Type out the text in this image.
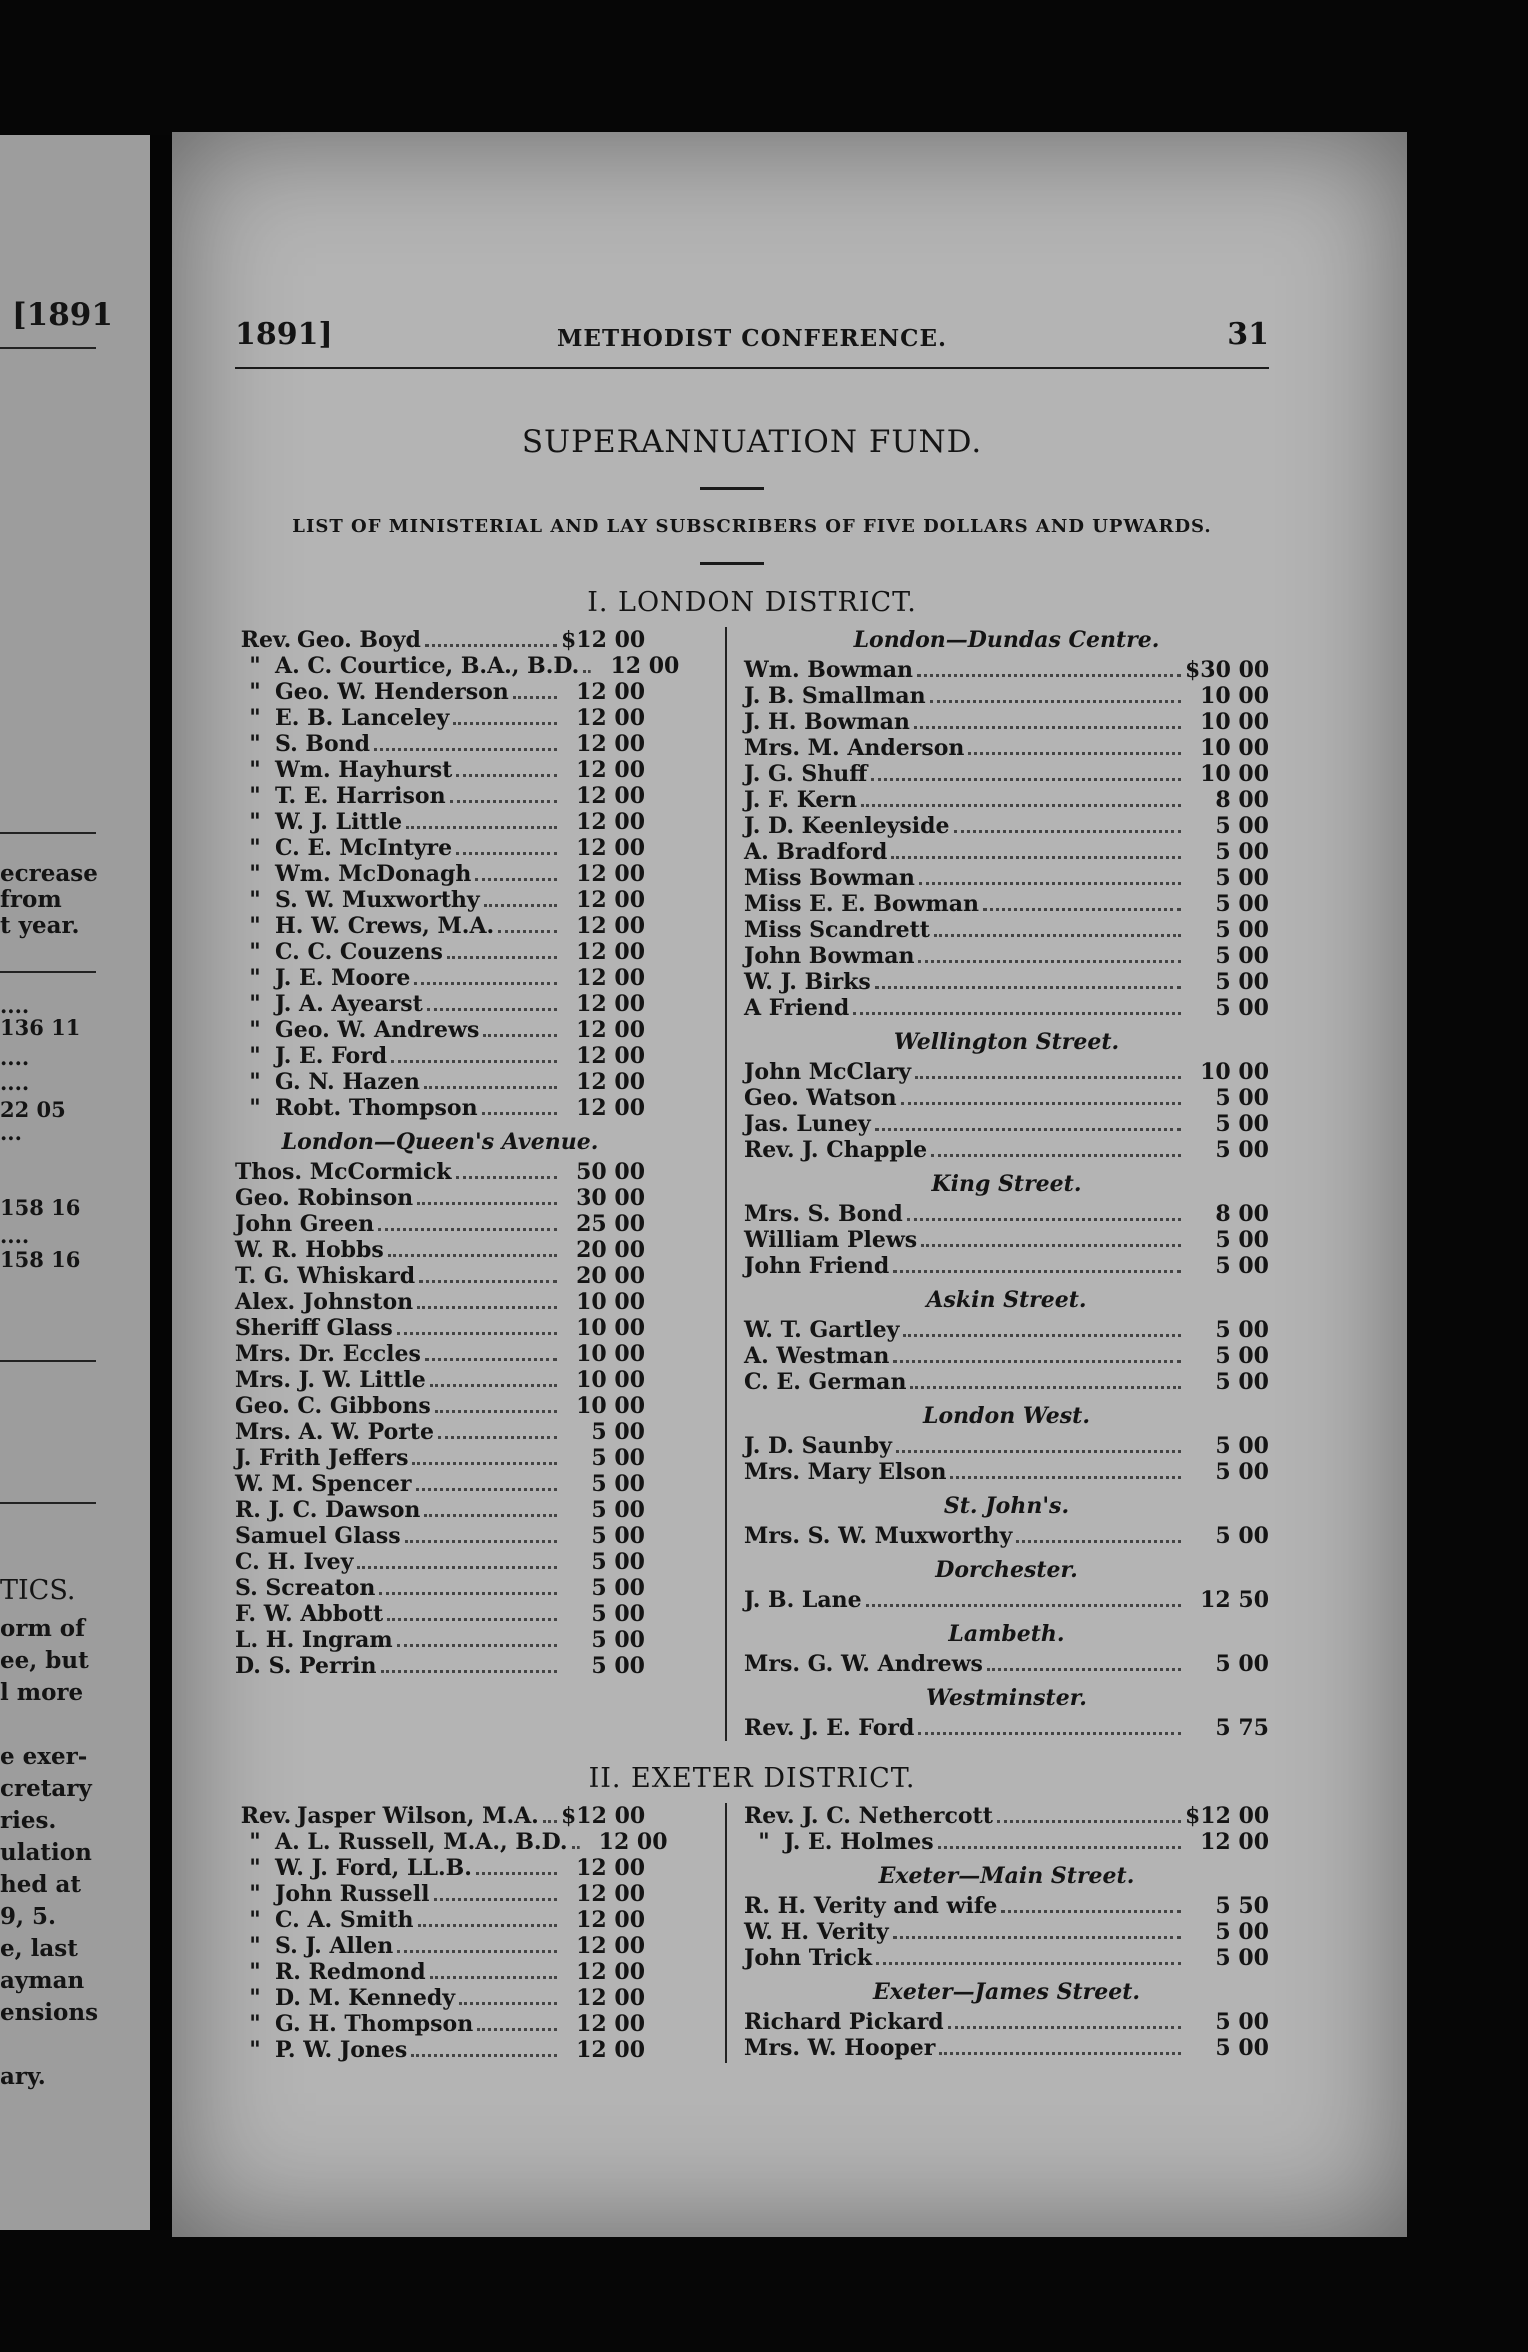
[1891
ecrease
from
t year.
....
136 11
....
....
22 05
...
158 16
....
158 16
TICS.
orm of
ee, but
l more
e exer-
cretary
ries.
ulation
hed at
9, 5.
e, last
ayman
ensions
ary.
1891]	METHODIST CONFERENCE.	31
SUPERANNUATION FUND.
LIST OF MINISTERIAL AND LAY SUBSCRIBERS OF FIVE DOLLARS AND UPWARDS.
I. LONDON DISTRICT.
Rev. Geo. Boyd	$12 00
" A. C. Courtice, B.A., B.D.	12 00
" Geo. W. Henderson	12 00
" E. B. Lanceley	12 00
" S. Bond	12 00
" Wm. Hayhurst	12 00
" T. E. Harrison	12 00
" W. J. Little	12 00
" C. E. McIntyre	12 00
" Wm. McDonagh	12 00
" S. W. Muxworthy	12 00
" H. W. Crews, M.A.	12 00
" C. C. Couzens	12 00
" J. E. Moore	12 00
" J. A. Ayearst	12 00
" Geo. W. Andrews	12 00
" J. E. Ford	12 00
" G. N. Hazen	12 00
" Robt. Thompson	12 00
London—Queen's Avenue.
Thos. McCormick	50 00
Geo. Robinson	30 00
John Green	25 00
W. R. Hobbs	20 00
T. G. Whiskard	20 00
Alex. Johnston	10 00
Sheriff Glass	10 00
Mrs. Dr. Eccles	10 00
Mrs. J. W. Little	10 00
Geo. C. Gibbons	10 00
Mrs. A. W. Porte	5 00
J. Frith Jeffers	5 00
W. M. Spencer	5 00
R. J. C. Dawson	5 00
Samuel Glass	5 00
C. H. Ivey	5 00
S. Screaton	5 00
F. W. Abbott	5 00
L. H. Ingram	5 00
D. S. Perrin	5 00
London—Dundas Centre.
Wm. Bowman	$30 00
J. B. Smallman	10 00
J. H. Bowman	10 00
Mrs. M. Anderson	10 00
J. G. Shuff	10 00
J. F. Kern	8 00
J. D. Keenleyside	5 00
A. Bradford	5 00
Miss Bowman	5 00
Miss E. E. Bowman	5 00
Miss Scandrett	5 00
John Bowman	5 00
W. J. Birks	5 00
A Friend	5 00
Wellington Street.
John McClary	10 00
Geo. Watson	5 00
Jas. Luney	5 00
Rev. J. Chapple	5 00
King Street.
Mrs. S. Bond	8 00
William Plews	5 00
John Friend	5 00
Askin Street.
W. T. Gartley	5 00
A. Westman	5 00
C. E. German	5 00
London West.
J. D. Saunby	5 00
Mrs. Mary Elson	5 00
St. John's.
Mrs. S. W. Muxworthy	5 00
Dorchester.
J. B. Lane	12 50
Lambeth.
Mrs. G. W. Andrews	5 00
Westminster.
Rev. J. E. Ford	5 75
II. EXETER DISTRICT.
Rev. Jasper Wilson, M.A. $12 00
" A. L. Russell, M.A., B.D.	12 00
" W. J. Ford, LL.B.	12 00
" John Russell	12 00
" C. A. Smith	12 00
" S. J. Allen	12 00
" R. Redmond	12 00
" D. M. Kennedy	12 00
" G. H. Thompson	12 00
" P. W. Jones	12 00
Rev. J. C. Nethercott	$12 00
" J. E. Holmes	12 00
Exeter—Main Street.
R. H. Verity and wife	5 50
W. H. Verity	5 00
John Trick	5 00
Exeter—James Street.
Richard Pickard	5 00
Mrs. W. Hooper	5 00
